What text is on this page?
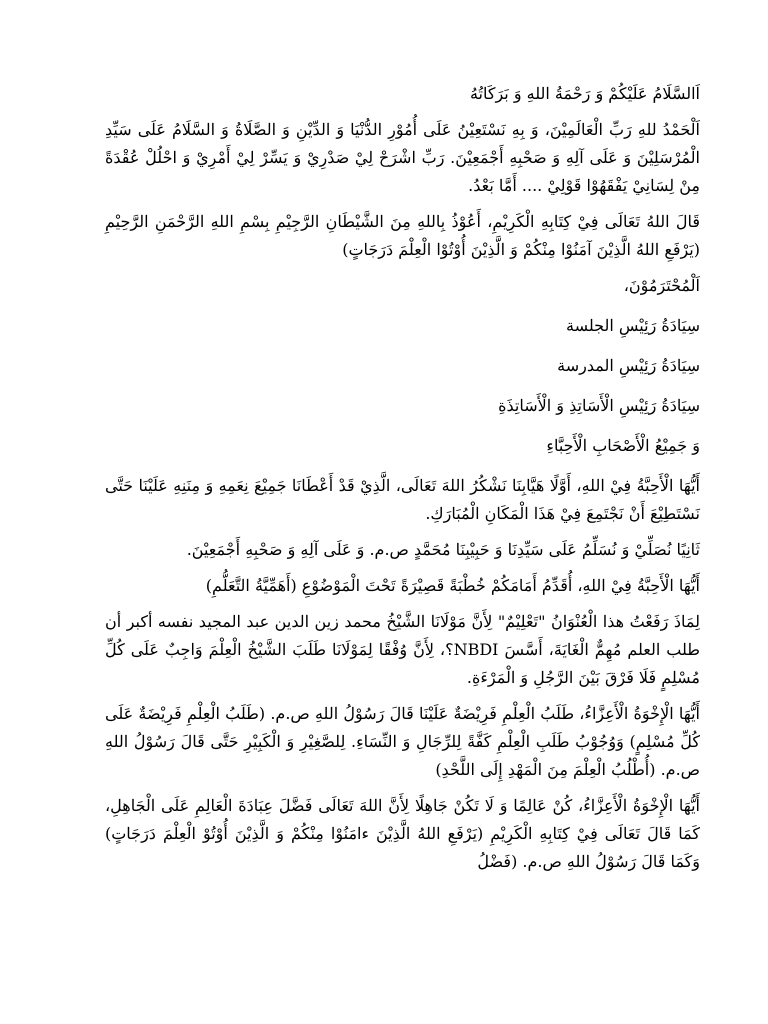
اَالسَّلَامُ عَلَيْكُمْ وَ رَحْمَةُ اللهِ وَ بَرَكَاتُهُ

اَلْحَمْدُ للهِ رَبِّ الْعَالَمِيْنَ، وَ بِهِ نَسْتَعِيْنُ عَلَى أُمُوْرِ الدُّنْيَا وَ الدِّيْنِ وَ الصَّلَاةُ وَ السَّلَامُ عَلَى سَيِّدِ الْمُرْسَلِيْنَ وَ عَلَى آلِهِ وَ صَحْبِهِ أَجْمَعِيْنَ. رَبِّ اشْرَحْ لِيْ صَدْرِيْ وَ يَسِّرْ لِيْ أَمْرِيْ وَ احْلُلْ عُقْدَةً مِنْ لِسَانِيْ يَفْقَهُوْا قَوْلِيْ .... أَمَّا بَعْدُ.

قَالَ اللهُ تَعَالَى فِيْ كِتَابِهِ الْكَرِيْمِ، أَعُوْذُ بِاللهِ مِنَ الشَّيْطَانِ الرَّجِيْمِ بِسْمِ اللهِ الرَّحْمَنِ الرَّحِيْمِ (يَرْفَعِ اللهُ الَّذِيْنَ آمَنُوْا مِنْكُمْ وَ الَّذِيْنَ أُوْتُوْا الْعِلْمَ دَرَجَاتٍ)

اَلْمُحْتَرَمُوْنَ،

سِيَادَةُ رَئِيْسِ الجلسة

سِيَادَةُ رَئِيْسِ المدرسة

سِيَادَةُ رَئِيْسِ الْأَسَاتِذِ وَ الْأَسَاتِذَةِ

وَ جَمِيْعُ الْأَصْحَابِ الْأَحِبَّاءِ

أَيُّهَا الْأَحِبَّةُ فِيْ اللهِ، أَوَّلًا هَيَّابِنَا نَشْكُرُ اللهَ تَعَالَى، الَّذِيْ قَدْ أَعْطَانَا جَمِيْعَ نِعَمِهِ وَ مِنَنِهِ عَلَيْنَا حَتَّى نَسْتَطِيْعَ أَنْ نَجْتَمِعَ فِيْ هَذَا الْمَكَانِ الْمُبَارَكِ.

ثَانِيًا نُصَلِّيْ وَ نُسَلِّمُ عَلَى سَيِّدِنَا وَ حَبِيْبِنَا مُحَمَّدٍ ص.م. وَ عَلَى آلِهِ وَ صَحْبِهِ أَجْمَعِيْنَ.

أَيُّهَا الْأَحِبَّةُ فِيْ اللهِ، أُقَدِّمُ أَمَامَكُمْ خُطْبَةً قَصِيْرَةً تَحْتَ الْمَوْضُوْعِ (أَهَمِّيَّةُ التَّعَلُّمِ)

لِمَاذَ رَفَعْتُ هذا الْعُنْوَانُ "تَعْلِيْمٌ" لِأَنَّ مَوْلَانَا الشَّيْخُ محمد زين الدين عبد المجيد نفسه أكبر أن طلب العلم مُهِمٌّ الْغَايَةَ، أَسَّسَ NBDI؟، لِأَنَّ وُفْقًا لِمَوْلَانَا طَلَبَ الشَّيْخُ الْعِلْمَ وَاجِبٌ عَلَى كُلِّ مُسْلِمٍ فَلَا فَرْقَ بَيْنَ الرَّجُلِ وَ الْمَرْءَةِ.

أَيُّهَا الْإِخْوَةُ الْأَعِزَّاءُ، طَلَبُ الْعِلْمِ فَرِيْضَةٌ عَلَيْنَا قَالَ رَسُوْلُ اللهِ ص.م. (طَلَبُ الْعِلْمِ فَرِيْضَةٌ عَلَى كُلِّ مُسْلِمٍ) وَوُجُوْبُ طَلَبِ الْعِلْمِ كَفَّةً لِلرِّجَالِ وَ النِّسَاءِ. لِلصَّغِيْرِ وَ الْكَبِيْرِ حَتَّى قَالَ رَسُوْلُ اللهِ ص.م. (أُطْلُبُ الْعِلْمَ مِنَ الْمَهْدِ إِلَى اللَّحْدِ)

أَيُّهَا الْإِخْوَةُ الْأَعِزَّاءُ، كُنْ عَالِمًا وَ لَا تَكُنْ جَاهِلًا لِأَنَّ اللهَ تَعَالَى فَضَّلَ عِبَادَةَ الْعَالِمِ عَلَى الْجَاهِلِ، كَمَا قَالَ تَعَالَى فِيْ كِتَابِهِ الْكَرِيْمِ (يَرْفَعِ اللهُ الَّذِيْنَ ءامَنُوْا مِنْكُمْ وَ الَّذِيْنَ أُوْتُوْ الْعِلْمَ دَرَجَاتٍ) وَكَمَا قَالَ رَسُوْلُ اللهِ ص.م. (فَضْلُ
